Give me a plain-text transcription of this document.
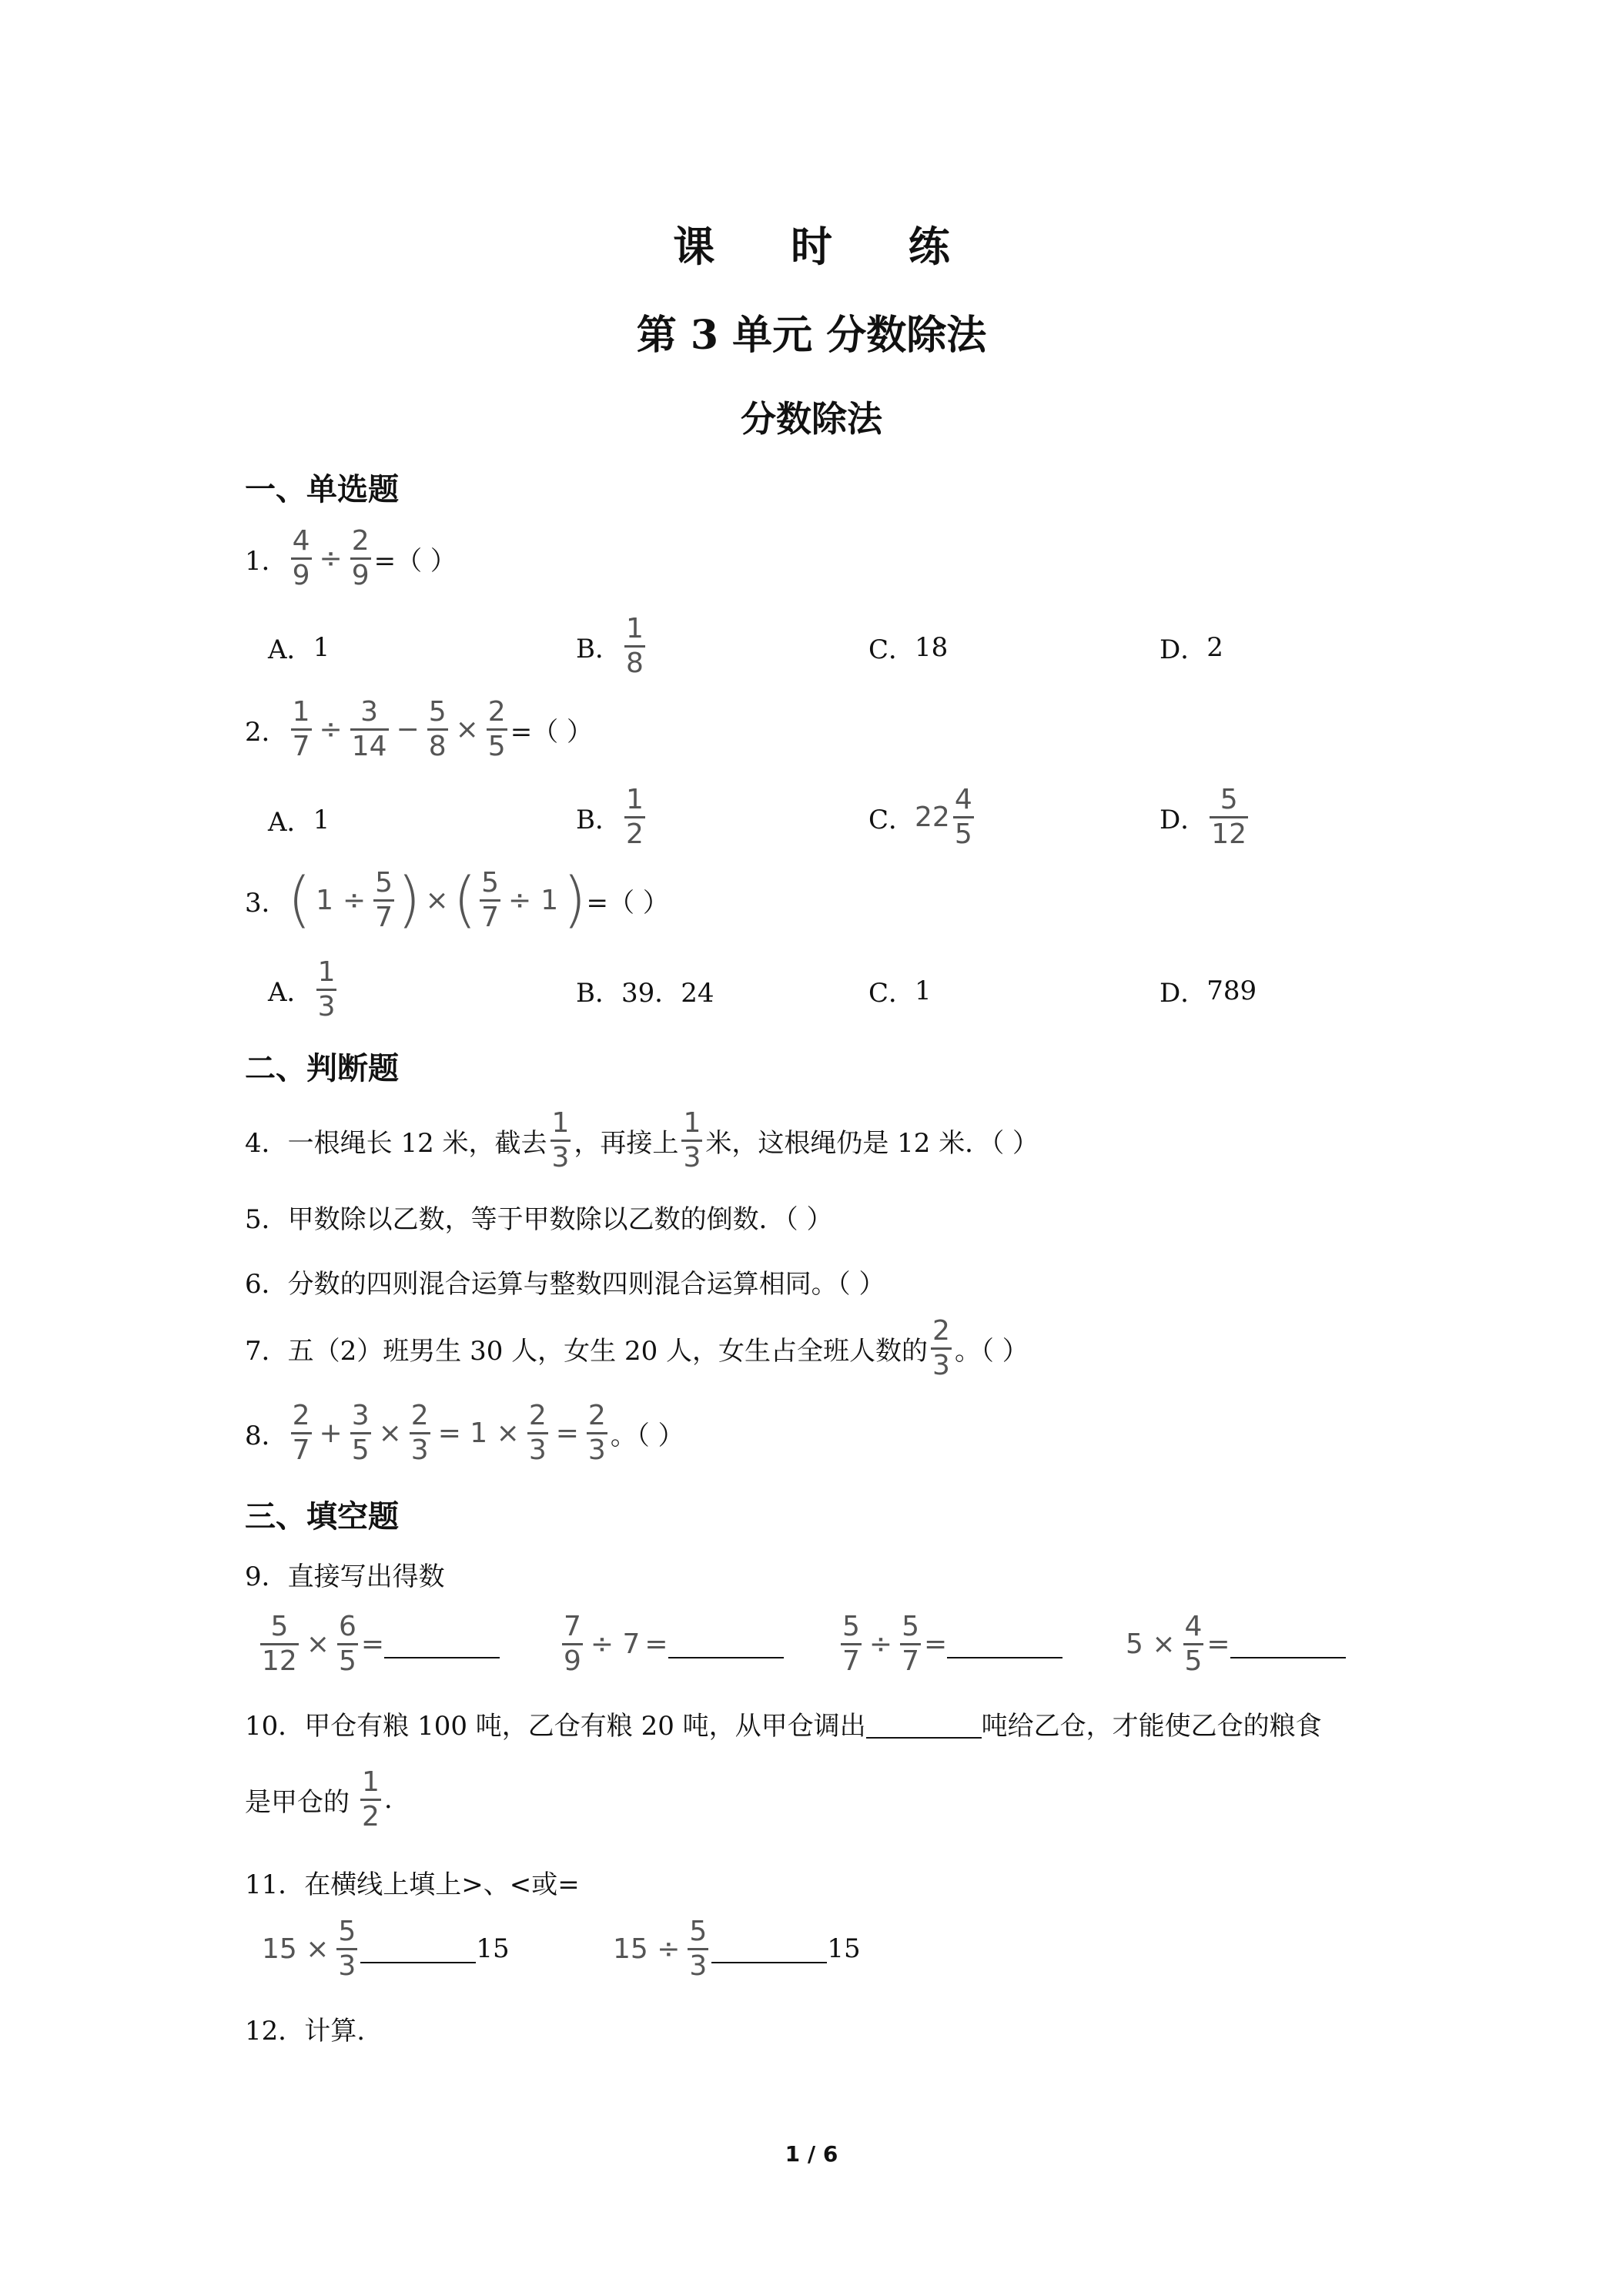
课 时 练
第 3 单元 分数除法
分数除法
一、单选题
1． $\frac{4}{9} \div \frac{2}{9}$ =（ ）
A． 1	B． $\frac{1}{8}$	C． 18	D． 2
2． $\frac{1}{7} \div \frac{3}{14} - \frac{5}{8} \times \frac{2}{5}$ =（ ）
A． 1	B． $\frac{1}{2}$	C． $22 \frac{4}{5}$	D． $\frac{5}{12}$
3． ( $1 \div \frac{5}{7}$ ) × ( $\frac{5}{7} \div 1$ ) =（ ）
A． $\frac{1}{3}$	B． 39．24	C． 1	D． 789
二、判断题
4． 一根绳长 12 米，截去 $\frac{1}{3}$ ，再接上 $\frac{1}{3}$ 米，这根绳仍是 12 米．（ ）
5． 甲数除以乙数，等于甲数除以乙数的倒数．（ ）
6． 分数的四则混合运算与整数四则混合运算相同。（ ）
7． 五（2）班男生 30 人，女生 20 人，女生占全班人数的 $\frac{2}{3}$ 。（ ）
8． $\frac{2}{7} + \frac{3}{5} \times \frac{2}{3} = 1 \times \frac{2}{3} = \frac{2}{3}$ 。（ ）
三、填空题
9． 直接写出得数
$\frac{5}{12} \times \frac{6}{5}$ =	$\frac{7}{9} \div 7$ =	$\frac{5}{7} \div \frac{5}{7}$ =	$5 \times \frac{4}{5}$ =
10． 甲仓有粮 100 吨，乙仓有粮 20 吨，从甲仓调出	吨给乙仓，才能使乙仓的粮食
是甲仓的 $\frac{1}{2}$ .
11． 在横线上填上>、<或=
$15 \times \frac{5}{3}$	15	$15 \div \frac{5}{3}$	15
12． 计算.
1 / 6
